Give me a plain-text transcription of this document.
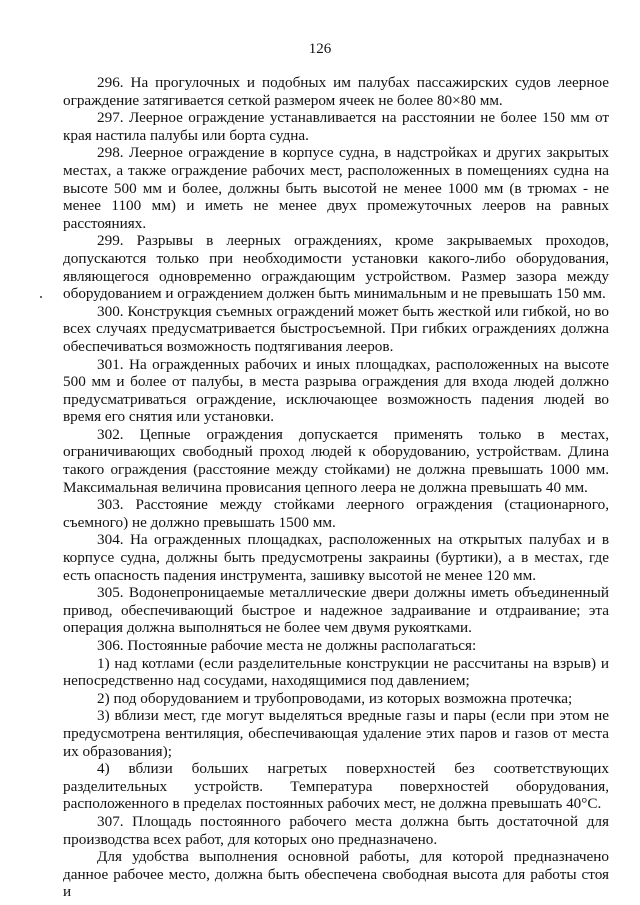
126

296. На прогулочных и подобных им палубах пассажирских судов леерное ограждение затягивается сеткой размером ячеек не более 80×80 мм.

297. Леерное ограждение устанавливается на расстоянии не более 150 мм от края настила палубы или борта судна.

298. Леерное ограждение в корпусе судна, в надстройках и других закрытых местах, а также ограждение рабочих мест, расположенных в помещениях судна на высоте 500 мм и более, должны быть высотой не менее 1000 мм (в трюмах - не менее 1100 мм) и иметь не менее двух промежуточных лееров на равных расстояниях.

299. Разрывы в леерных ограждениях, кроме закрываемых проходов, допускаются только при необходимости установки какого-либо оборудования, являющегося одновременно ограждающим устройством. Размер зазора между оборудованием и ограждением должен быть минимальным и не превышать 150 мм.

300. Конструкция съемных ограждений может быть жесткой или гибкой, но во всех случаях предусматривается быстросъемной. При гибких ограждениях должна обеспечиваться возможность подтягивания лееров.

301. На огражденных рабочих и иных площадках, расположенных на высоте 500 мм и более от палубы, в места разрыва ограждения для входа людей должно предусматриваться ограждение, исключающее возможность падения людей во время его снятия или установки.

302. Цепные ограждения допускается применять только в местах, ограничивающих свободный проход людей к оборудованию, устройствам. Длина такого ограждения (расстояние между стойками) не должна превышать 1000 мм. Максимальная величина провисания цепного леера не должна превышать 40 мм.

303. Расстояние между стойками леерного ограждения (стационарного, съемного) не должно превышать 1500 мм.

304. На огражденных площадках, расположенных на открытых палубах и в корпусе судна, должны быть предусмотрены закраины (буртики), а в местах, где есть опасность падения инструмента, зашивку высотой не менее 120 мм.

305. Водонепроницаемые металлические двери должны иметь объединенный привод, обеспечивающий быстрое и надежное задраивание и отдраивание; эта операция должна выполняться не более чем двумя рукоятками.

306. Постоянные рабочие места не должны располагаться:

1) над котлами (если разделительные конструкции не рассчитаны на взрыв) и непосредственно над сосудами, находящимися под давлением;

2) под оборудованием и трубопроводами, из которых возможна протечка;

3) вблизи мест, где могут выделяться вредные газы и пары (если при этом не предусмотрена вентиляция, обеспечивающая удаление этих паров и газов от места их образования);

4) вблизи больших нагретых поверхностей без соответствующих разделительных устройств. Температура поверхностей оборудования, расположенного в пределах постоянных рабочих мест, не должна превышать 40°С.

307. Площадь постоянного рабочего места должна быть достаточной для производства всех работ, для которых оно предназначено.

Для удобства выполнения основной работы, для которой предназначено данное рабочее место, должна быть обеспечена свободная высота для работы стоя и
